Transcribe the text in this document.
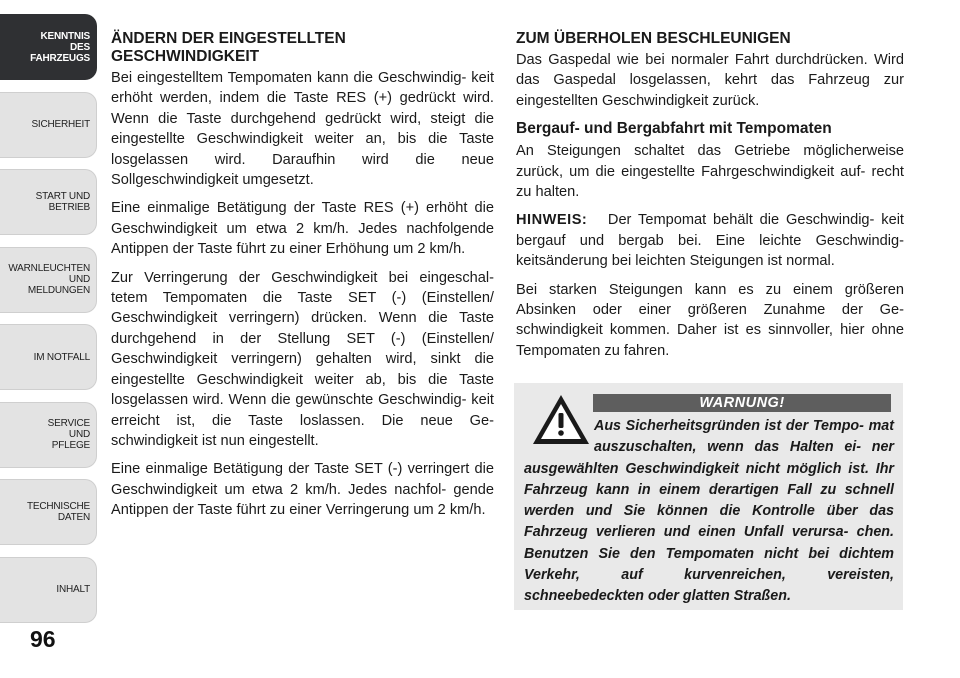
KENNTNIS
DES
FAHRZEUGS
SICHERHEIT
START UND
BETRIEB
WARNLEUCHTEN
UND
MELDUNGEN
IM NOTFALL
SERVICE
UND
PFLEGE
TECHNISCHE
DATEN
INHALT
96
ÄNDERN DER EINGESTELLTEN GESCHWINDIGKEIT

Bei eingestelltem Tempomaten kann die Geschwindig- keit erhöht werden, indem die Taste RES (+) gedrückt wird. Wenn die Taste durchgehend gedrückt wird, steigt die eingestellte Geschwindigkeit weiter an, bis die Taste losgelassen wird. Daraufhin wird die neue Sollgeschwindigkeit umgesetzt.

Eine einmalige Betätigung der Taste RES (+) erhöht die Geschwindigkeit um etwa 2 km/h. Jedes nachfolgende Antippen der Taste führt zu einer Erhöhung um 2 km/h.

Zur Verringerung der Geschwindigkeit bei eingeschal- tetem Tempomaten die Taste SET (-) (Einstellen/ Geschwindigkeit verringern) drücken. Wenn die Taste durchgehend in der Stellung SET (-) (Einstellen/ Geschwindigkeit verringern) gehalten wird, sinkt die eingestellte Geschwindigkeit weiter ab, bis die Taste losgelassen wird. Wenn die gewünschte Geschwindig- keit erreicht ist, die Taste loslassen. Die neue Ge- schwindigkeit ist nun eingestellt.

Eine einmalige Betätigung der Taste SET (-) verringert die Geschwindigkeit um etwa 2 km/h. Jedes nachfol- gende Antippen der Taste führt zu einer Verringerung um 2 km/h.

ZUM ÜBERHOLEN BESCHLEUNIGEN

Das Gaspedal wie bei normaler Fahrt durchdrücken. Wird das Gaspedal losgelassen, kehrt das Fahrzeug zur eingestellten Geschwindigkeit zurück.

Bergauf- und Bergabfahrt mit Tempomaten

An Steigungen schaltet das Getriebe möglicherweise zurück, um die eingestellte Fahrgeschwindigkeit auf- recht zu halten.

HINWEIS: Der Tempomat behält die Geschwindig- keit bergauf und bergab bei. Eine leichte Geschwindig- keitsänderung bei leichten Steigungen ist normal.

Bei starken Steigungen kann es zu einem größeren Absinken oder einer größeren Zunahme der Ge- schwindigkeit kommen. Daher ist es sinnvoller, hier ohne Tempomaten zu fahren.

WARNUNG!
Aus Sicherheitsgründen ist der Tempo- mat auszuschalten, wenn das Halten ei- ner ausgewählten Geschwindigkeit nicht möglich ist. Ihr Fahrzeug kann in einem derartigen Fall zu schnell werden und Sie können die Kontrolle über das Fahrzeug verlieren und einen Unfall verursa- chen. Benutzen Sie den Tempomaten nicht bei dichtem Verkehr, auf kurvenreichen, vereisten, schneebedeckten oder glatten Straßen.
